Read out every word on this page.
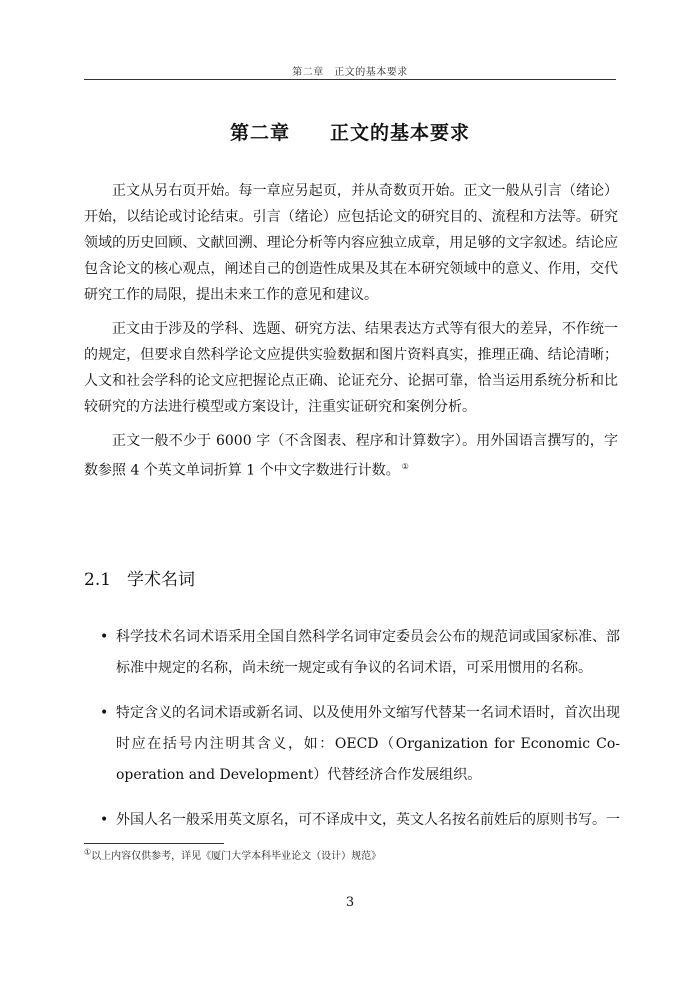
第二章　正文的基本要求
第二章　　正文的基本要求

正文从另右页开始。每一章应另起页，并从奇数页开始。正文一般从引言（绪论）开始，以结论或讨论结束。引言（绪论）应包括论文的研究目的、流程和方法等。研究领域的历史回顾、文献回溯、理论分析等内容应独立成章，用足够的文字叙述。结论应包含论文的核心观点，阐述自己的创造性成果及其在本研究领域中的意义、作用，交代研究工作的局限，提出未来工作的意见和建议。

正文由于涉及的学科、选题、研究方法、结果表达方式等有很大的差异，不作统一的规定，但要求自然科学论文应提供实验数据和图片资料真实，推理正确、结论清晰；人文和社会学科的论文应把握论点正确、论证充分、论据可靠，恰当运用系统分析和比较研究的方法进行模型或方案设计，注重实证研究和案例分析。

正文一般不少于 6000 字（不含图表、程序和计算数字）。用外国语言撰写的，字数参照 4 个英文单词折算 1 个中文字数进行计数。 ①

2.1 学术名词
• 科学技术名词术语采用全国自然科学名词审定委员会公布的规范词或国家标准、部标准中规定的名称，尚未统一规定或有争议的名词术语，可采用惯用的名称。
• 特定含义的名词术语或新名词、以及使用外文缩写代替某一名词术语时，首次出现时应在括号内注明其含义，如：OECD（Organization for Economic Co-operation and Development）代替经济合作发展组织。
• 外国人名一般采用英文原名，可不译成中文，英文人名按名前姓后的原则书写。一
①以上内容仅供参考，详见《厦门大学本科毕业论文（设计）规范》
3
